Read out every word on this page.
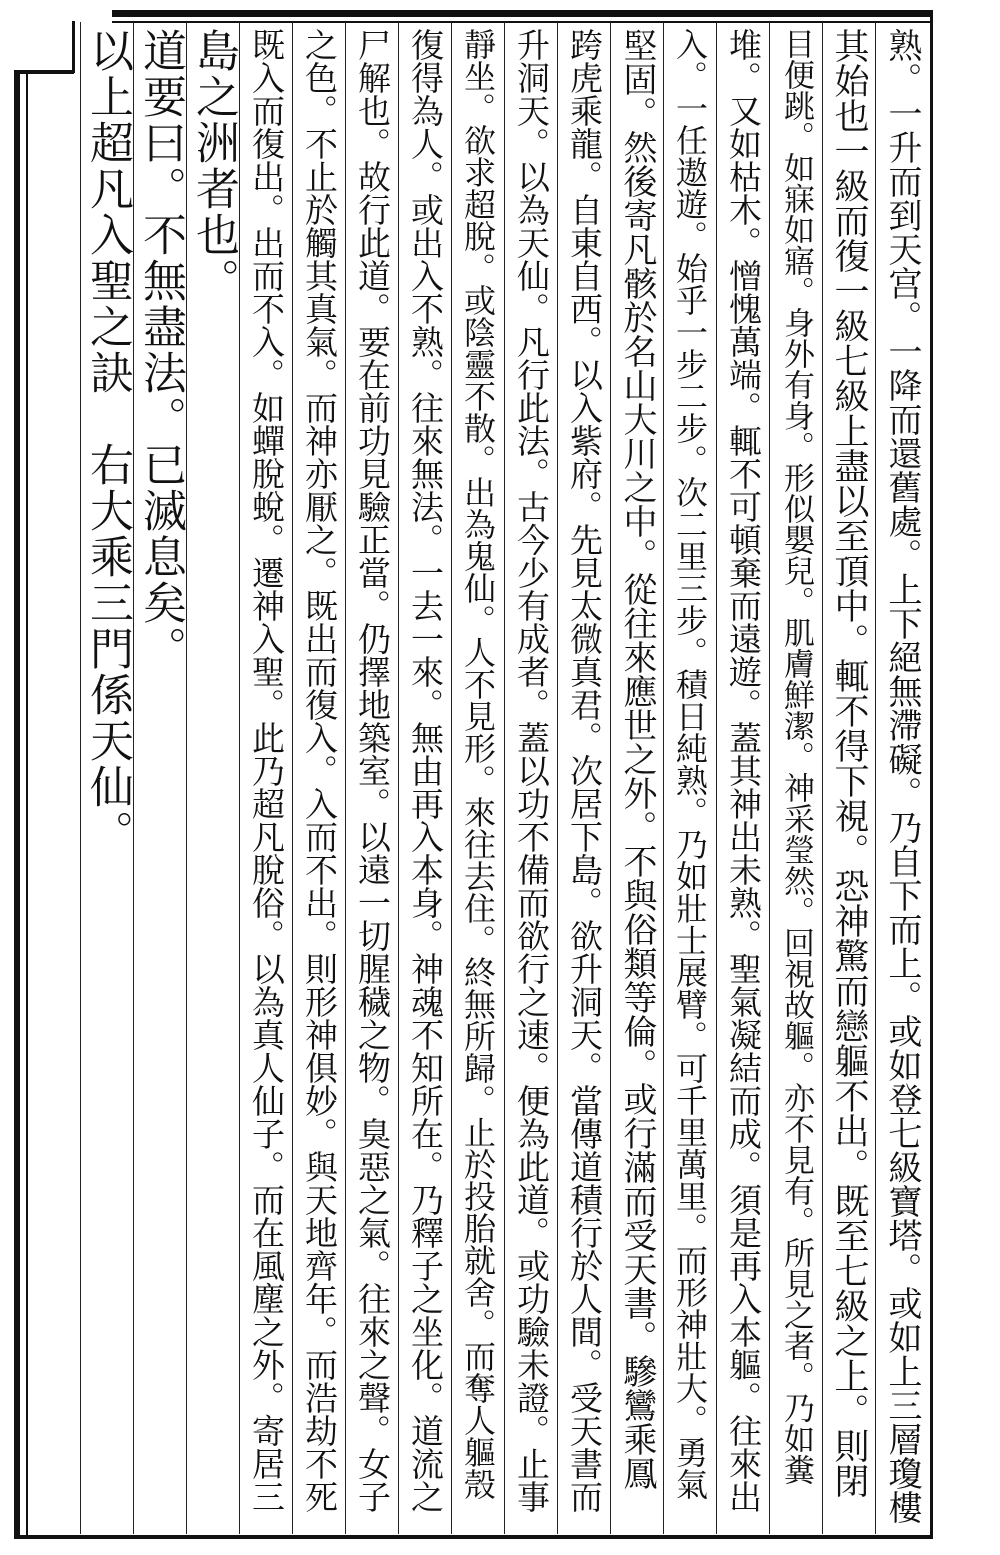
熟。一升而到天宫。一降而還舊處。上下絕無滯礙。乃自下而上。或如登七級寶塔。或如上三層瓊樓
其始也一級而復一級七級上盡以至頂中。輒不得下視。恐神驚而戀軀不出。既至七級之上。則閉
目便跳。如寐如寤。身外有身。形似嬰兒。肌膚鮮潔。神采瑩然。回視故軀。亦不見有。所見之者。乃如糞
堆。又如枯木。憎愧萬端。輒不可頓棄而遠遊。蓋其神出未熟。聖氣凝結而成。須是再入本軀。往來出
入。一任遨遊。始乎一步二步。次二里三步。積日純熟。乃如壯士展臂。可千里萬里。而形神壯大。勇氣
堅固。然後寄凡骸於名山大川之中。從往來應世之外。不與俗類等倫。或行滿而受天書。驂鸞乘鳳
跨虎乘龍。自東自西。以入紫府。先見太微真君。次居下島。欲升洞天。當傳道積行於人間。受天書而
升洞天。以為天仙。凡行此法。古今少有成者。蓋以功不備而欲行之速。便為此道。或功驗未證。止事
靜坐。欲求超脫。或陰靈不散。出為鬼仙。人不見形。來往去住。終無所歸。止於投胎就舍。而奪人軀殼
復得為人。或出入不熟。往來無法。一去一來。無由再入本身。神魂不知所在。乃釋子之坐化。道流之
尸解也。故行此道。要在前功見驗正當。仍擇地築室。以遠一切腥穢之物。臭惡之氣。往來之聲。女子
之色。不止於觸其真氣。而神亦厭之。既出而復入。入而不出。則形神俱妙。與天地齊年。而浩劫不死
既入而復出。出而不入。如蟬脫蛻。遷神入聖。此乃超凡脫俗。以為真人仙子。而在風塵之外。寄居三
島之洲者也。
道要曰。不無盡法。已滅息矣。
以上超凡入聖之訣　右大乘三門係天仙。
